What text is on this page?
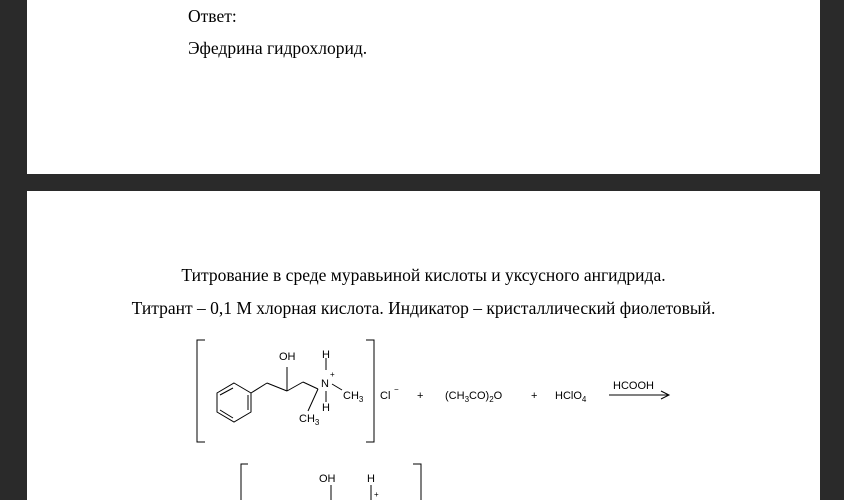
Ответ:
Эфедрина гидрохлорид.
Титрование в среде муравьиной кислоты и уксусного ангидрида.
Титрант – 0,1 М хлорная кислота. Индикатор – кристаллический фиолетовый.
OH H
N
+
H
$CH_3$
$CH_3$
Cl
−
+ $(CH_3CO)_2O$	+ HClO$_4$
HCOOH
OH	H
+
